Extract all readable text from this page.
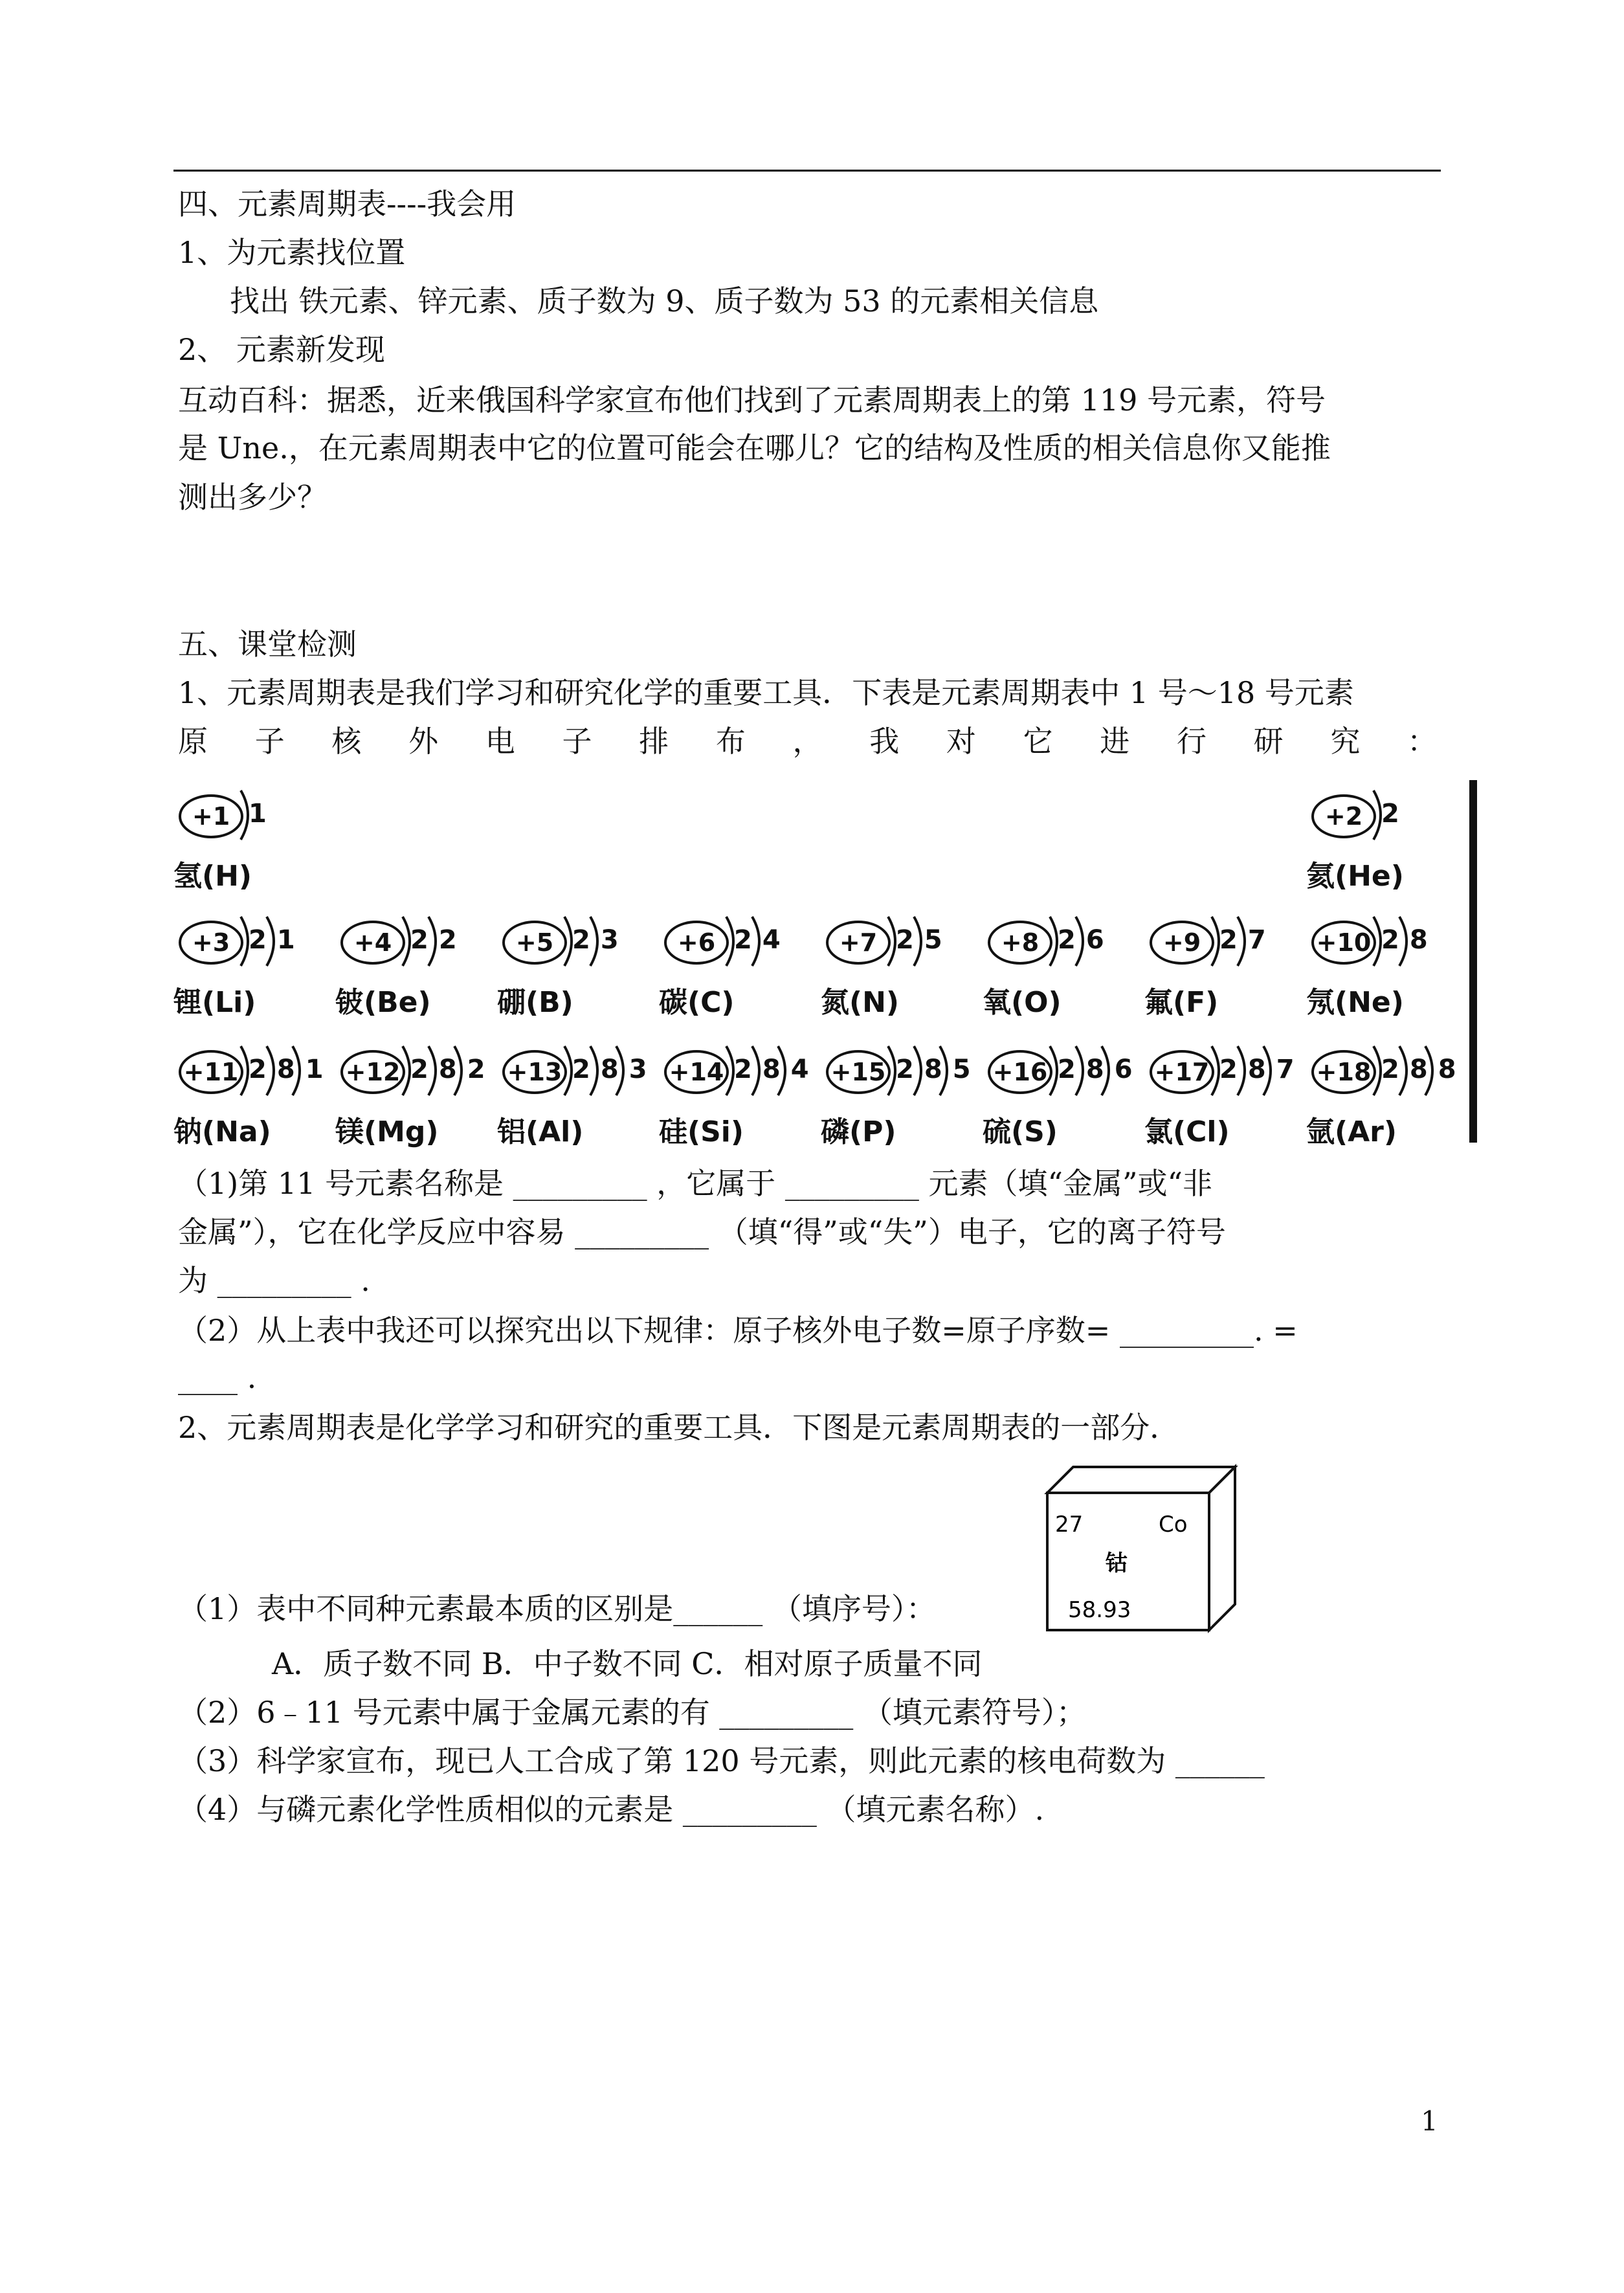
四、元素周期表----我会用
1、为元素找位置
找出 铁元素、锌元素、质子数为 9、质子数为 53 的元素相关信息
2、 元素新发现
互动百科：据悉，近来俄国科学家宣布他们找到了元素周期表上的第 119 号元素，符号
是 Une.，在元素周期表中它的位置可能会在哪儿？它的结构及性质的相关信息你又能推
测出多少？
五、课堂检测
1、元素周期表是我们学习和研究化学的重要工具．下表是元素周期表中 1 号～18 号元素
原 子 核 外 电 子 排 布 ， 我 对 它 进 行 研 究 ：
+1 1
氢(H)
+2 2
氦(He)
+3 2 1
锂(Li)
+4 2 2
铍(Be)
+5 2 3
硼(B)
+6 2 4
碳(C)
+7 2 5
氮(N)
+8 2 6
氧(O)
+9 2 7
氟(F)
+10 2 8
氖(Ne)
+11 2 8 1
钠(Na)
+12 2 8 2
镁(Mg)
+13 2 8 3
铝(Al)
+14 2 8 4
硅(Si)
+15 2 8 5
磷(P)
+16 2 8 6
硫(S)
+17 2 8 7
氯(Cl)
+18 2 8 8
氩(Ar)
（1)第 11 号元素名称是 _________ ，它属于 _________ 元素（填“金属”或“非
金属”），它在化学反应中容易 _________ （填“得”或“失”）电子，它的离子符号
为 _________ .
（2）从上表中我还可以探究出以下规律：原子核外电子数=原子序数= _________. =
____ .
2、元素周期表是化学学习和研究的重要工具．下图是元素周期表的一部分．
27	Co
钴
58.93
（1）表中不同种元素最本质的区别是______ （填序号）：
A．质子数不同 B．中子数不同 C．相对原子质量不同
（2）6﹣11 号元素中属于金属元素的有 _________ （填元素符号）；
（3）科学家宣布，现已人工合成了第 120 号元素，则此元素的核电荷数为 ______
（4）与磷元素化学性质相似的元素是 _________ （填元素名称）.
1
